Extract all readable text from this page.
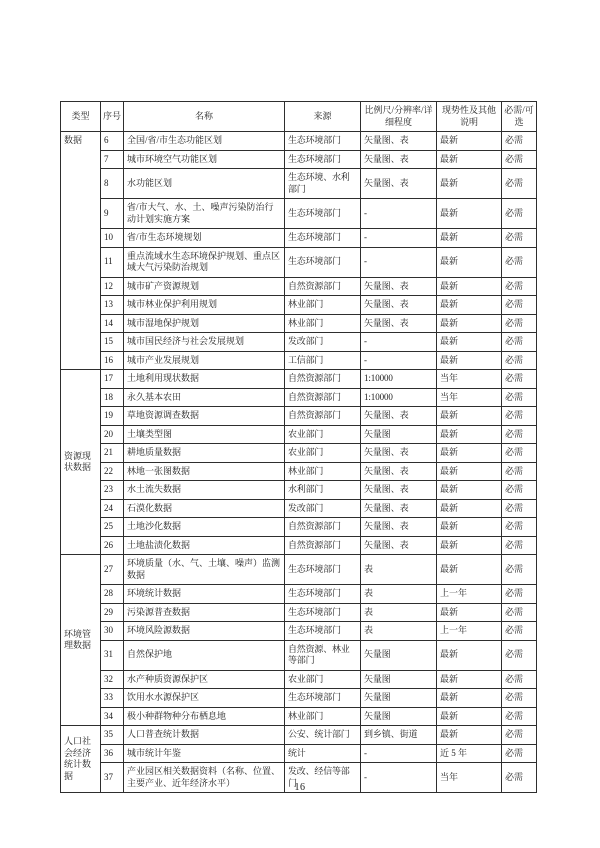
类型	序号	名称	来源	比例尺/分辨率/详细程度	现势性及其他说明	必需/可选
数据	6	全国/省/市生态功能区划	生态环境部门	矢量图、表	最新	必需
	7	城市环境空气功能区划	生态环境部门	矢量图、表	最新	必需
	8	水功能区划	生态环境、水利部门	矢量图、表	最新	必需
	9	省/市大气、水、土、噪声污染防治行动计划实施方案	生态环境部门	-	最新	必需
	10	省/市生态环境规划	生态环境部门	-	最新	必需
	11	重点流域水生态环境保护规划、重点区域大气污染防治规划	生态环境部门	-	最新	必需
	12	城市矿产资源规划	自然资源部门	矢量图、表	最新	必需
	13	城市林业保护利用规划	林业部门	矢量图、表	最新	必需
	14	城市湿地保护规划	林业部门	矢量图、表	最新	必需
	15	城市国民经济与社会发展规划	发改部门	-	最新	必需
	16	城市产业发展规划	工信部门	-	最新	必需
资源现状数据	17	土地利用现状数据	自然资源部门	1:10000	当年	必需
	18	永久基本农田	自然资源部门	1:10000	当年	必需
	19	草地资源调查数据	自然资源部门	矢量图、表	最新	必需
	20	土壤类型图	农业部门	矢量图	最新	必需
	21	耕地质量数据	农业部门	矢量图、表	最新	必需
	22	林地一张图数据	林业部门	矢量图、表	最新	必需
	23	水土流失数据	水利部门	矢量图、表	最新	必需
	24	石漠化数据	发改部门	矢量图、表	最新	必需
	25	土地沙化数据	自然资源部门	矢量图、表	最新	必需
	26	土地盐渍化数据	自然资源部门	矢量图、表	最新	必需
环境管理数据	27	环境质量（水、气、土壤、噪声）监测数据	生态环境部门	表	最新	必需
	28	环境统计数据	生态环境部门	表	上一年	必需
	29	污染源普查数据	生态环境部门	表	最新	必需
	30	环境风险源数据	生态环境部门	表	上一年	必需
	31	自然保护地	自然资源、林业等部门	矢量图	最新	必需
	32	水产种质资源保护区	农业部门	矢量图	最新	必需
	33	饮用水水源保护区	生态环境部门	矢量图	最新	必需
	34	极小种群物种分布栖息地	林业部门	矢量图	最新	必需
人口社会经济统计数据	35	人口普查统计数据	公安、统计部门	到乡镇、街道	最新	必需
	36	城市统计年鉴	统计	-	近 5 年	必需
	37	产业园区相关数据资料（名称、位置、主要产业、近年经济水平）	发改、经信等部门	-	当年	必需
16
